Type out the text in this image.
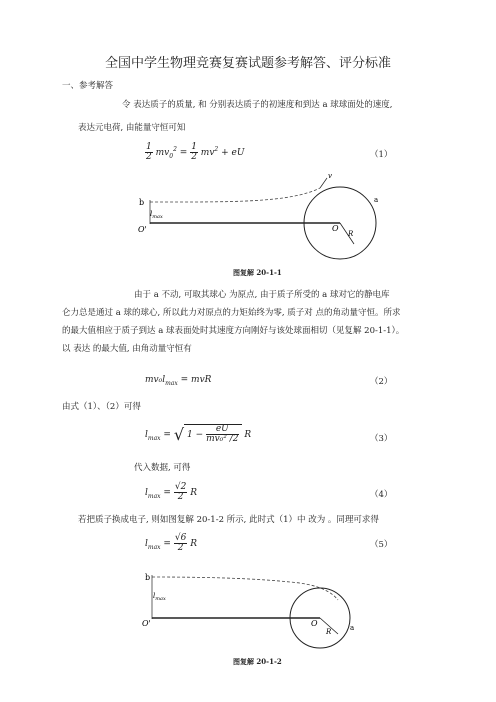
全国中学生物理竞赛复赛试题参考解答、评分标准
一、参考解答
令 表达质子的质量, 和 分别表达质子的初速度和到达 a 球球面处的速度,
表达元电荷, 由能量守恒可知
$\frac{1}{2} mv_0^2 = \frac{1}{2} mv^2$ + eU	（1）
b
$l_{max}$
O'	O
R
a
v
图复解 20-1-1
由于 a 不动, 可取其球心 为原点, 由于质子所受的 a 球对它的静电库
仑力总是通过 a 球的球心, 所以此力对原点的力矩始终为零, 质子对 点的角动量守恒。所求
的最大值相应于质子到达 a 球表面处时其速度方向刚好与该处球面相切（见复解 20-1-1）。
以 表达 的最大值, 由角动量守恒有
$mv_0l_{max}$ = mvR	（2）
由式（1）、（2）可得
$l_{max}$ = √ $1 - \frac{eU}{\text{mv₀² /2}}$ R	（3）
代入数据, 可得
$l_{max} = \frac{√2}{2}$ R	（4）
若把质子换成电子, 则如图复解 20-1-2 所示, 此时式（1）中 改为 。同理可求得
$l_{max} = \frac{√6}{2}$ R	（5）
b
$l_{max}$
O'	O
R	a
图复解 20-1-2
